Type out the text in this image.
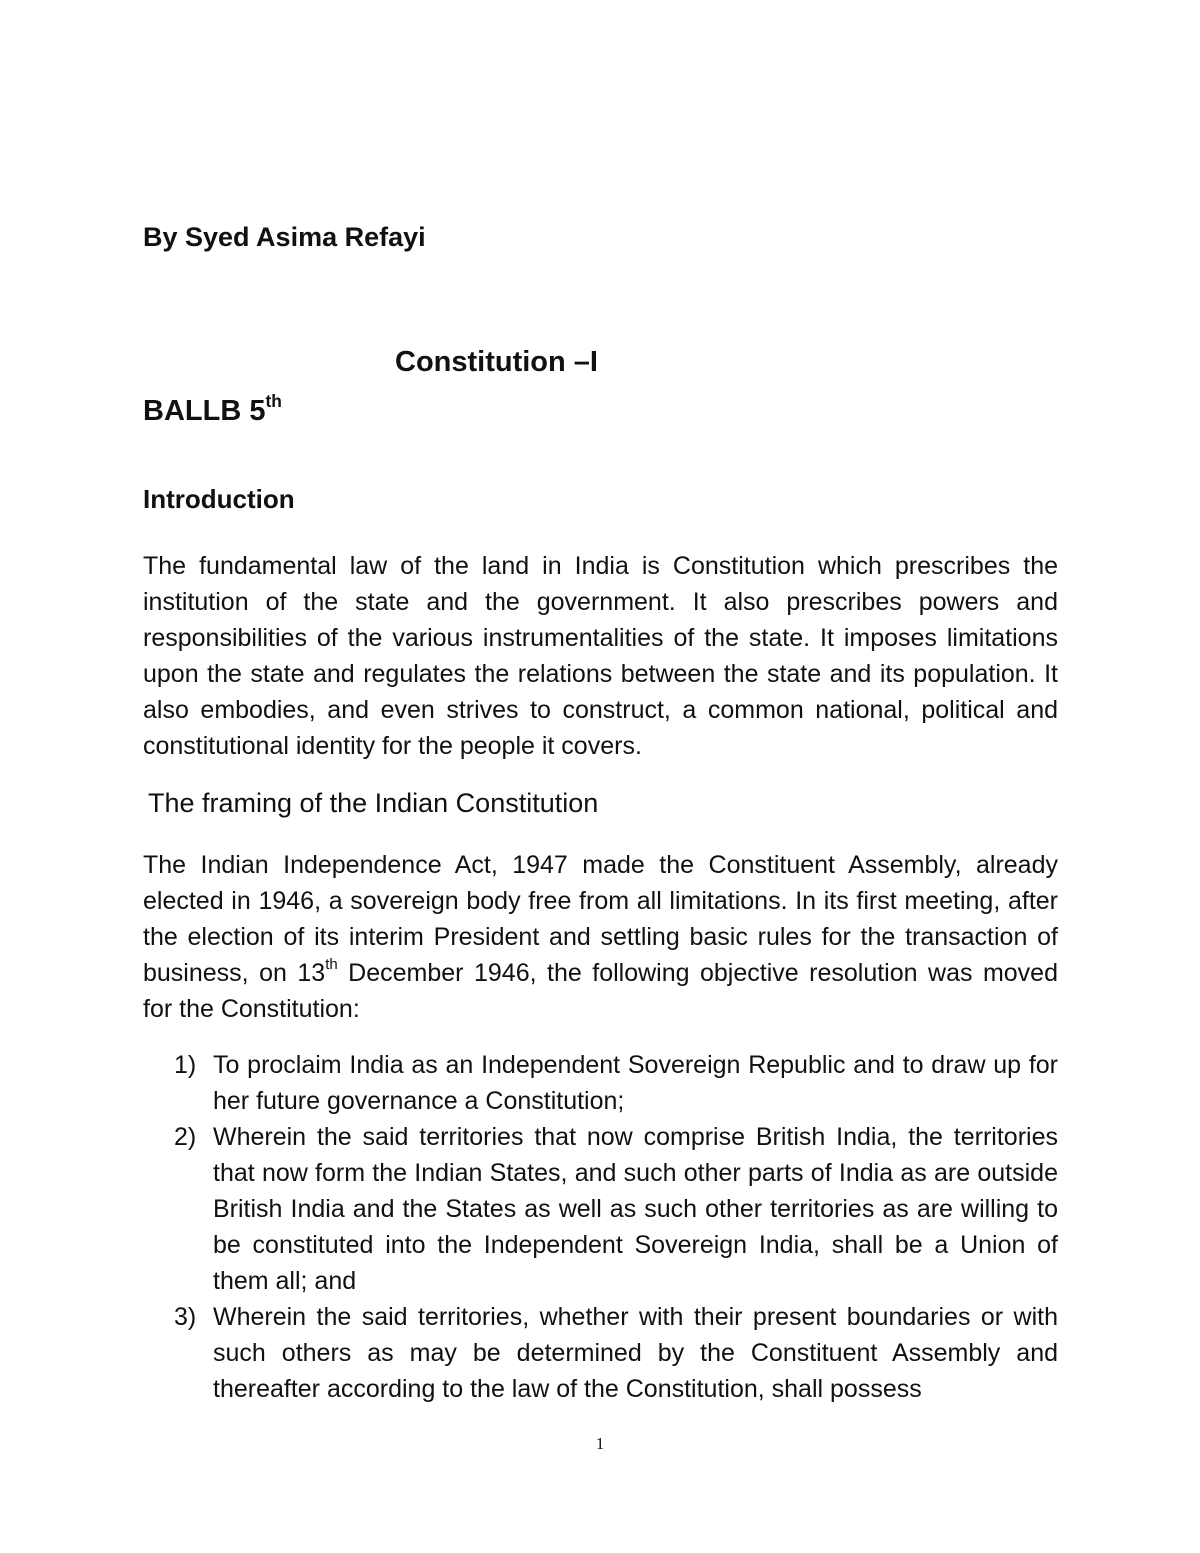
By Syed Asima Refayi
Constitution –I
BALLB 5th
Introduction
The fundamental law of the land in India is Constitution which prescribes the institution of the state and the government. It also prescribes powers and responsibilities of the various instrumentalities of the state. It imposes limitations upon the state and regulates the relations between the state and its population. It also embodies, and even strives to construct, a common national, political and constitutional identity for the people it covers.
The framing of the Indian Constitution
The Indian Independence Act, 1947 made the Constituent Assembly, already elected in 1946, a sovereign body free from all limitations. In its first meeting, after the election of its interim President and settling basic rules for the transaction of business, on 13th December 1946, the following objective resolution was moved for the Constitution:
1) To proclaim India as an Independent Sovereign Republic and to draw up for her future governance a Constitution;
2) Wherein the said territories that now comprise British India, the territories that now form the Indian States, and such other parts of India as are outside British India and the States as well as such other territories as are willing to be constituted into the Independent Sovereign India, shall be a Union of them all; and
3) Wherein the said territories, whether with their present boundaries or with such others as may be determined by the Constituent Assembly and thereafter according to the law of the Constitution, shall possess
1
